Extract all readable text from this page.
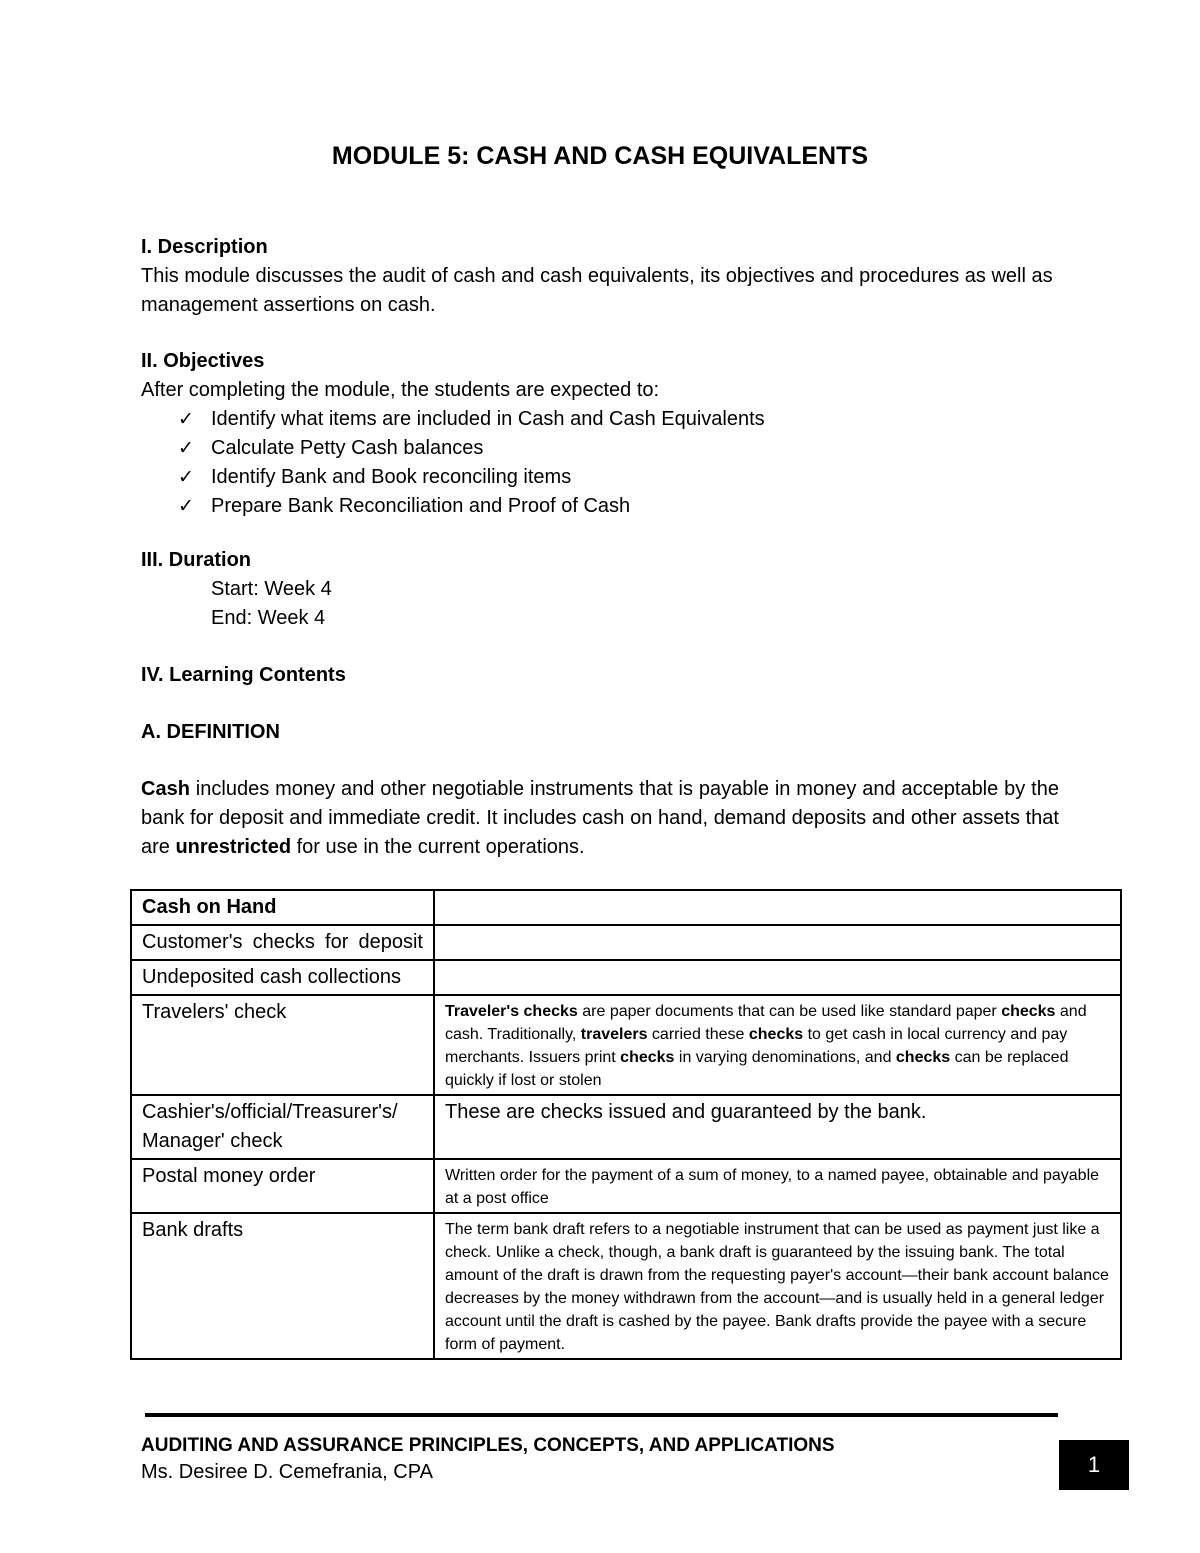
MODULE 5: CASH AND CASH EQUIVALENTS
I. Description
This module discusses the audit of cash and cash equivalents, its objectives and procedures as well as management assertions on cash.
II. Objectives
After completing the module, the students are expected to:
✓ Identify what items are included in Cash and Cash Equivalents
✓ Calculate Petty Cash balances
✓ Identify Bank and Book reconciling items
✓ Prepare Bank Reconciliation and Proof of Cash
III. Duration
Start: Week 4
End: Week 4
IV. Learning Contents
A. DEFINITION
Cash includes money and other negotiable instruments that is payable in money and acceptable by the bank for deposit and immediate credit. It includes cash on hand, demand deposits and other assets that are unrestricted for use in the current operations.
Cash on Hand	

Customer's checks for deposit	

Undeposited cash collections	
Travelers' check	Traveler's checks are paper documents that can be used like standard paper checks and cash. Traditionally, travelers carried these checks to get cash in local currency and pay merchants. Issuers print checks in varying denominations, and checks can be replaced quickly if lost or stolen
Cashier's/official/Treasurer's/ Manager' check	These are checks issued and guaranteed by the bank.
Postal money order	Written order for the payment of a sum of money, to a named payee, obtainable and payable at a post office
Bank drafts	The term bank draft refers to a negotiable instrument that can be used as payment just like a check. Unlike a check, though, a bank draft is guaranteed by the issuing bank. The total amount of the draft is drawn from the requesting payer's account—their bank account balance decreases by the money withdrawn from the account—and is usually held in a general ledger account until the draft is cashed by the payee. Bank drafts provide the payee with a secure form of payment.
AUDITING AND ASSURANCE PRINCIPLES, CONCEPTS, AND APPLICATIONS
Ms. Desiree D. Cemefrania, CPA	1
